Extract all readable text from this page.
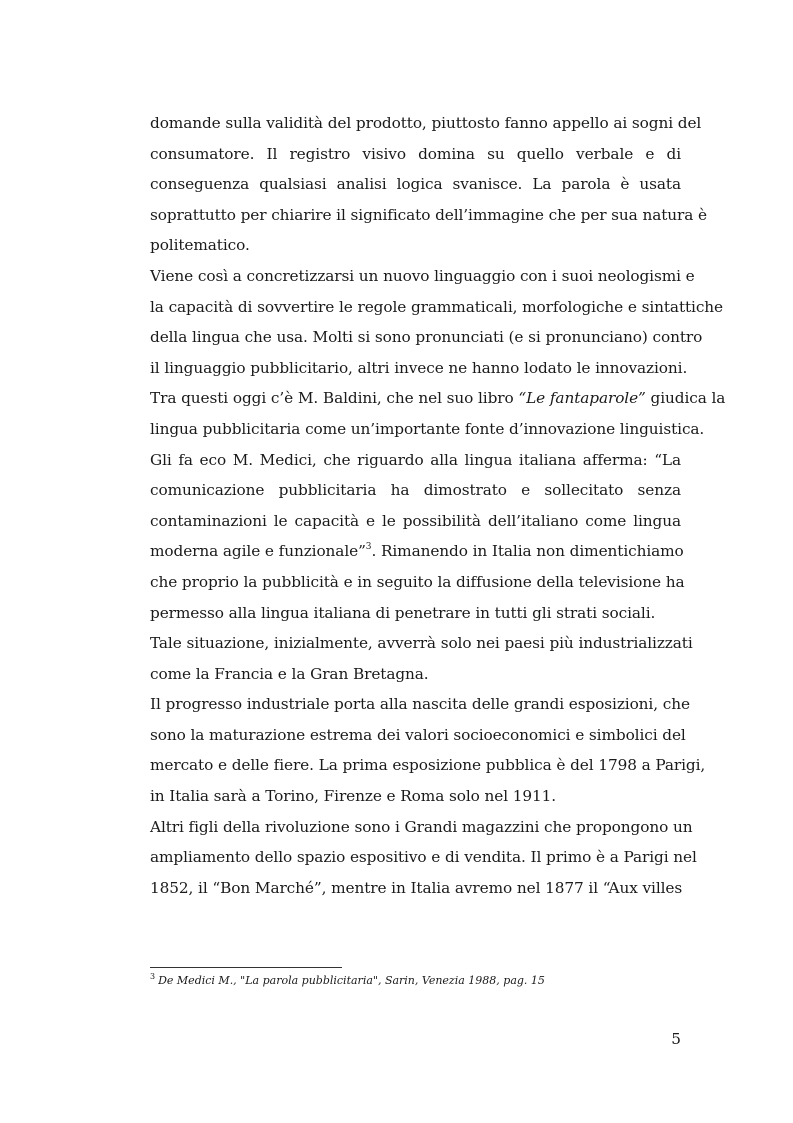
domande sulla validità del prodotto, piuttosto fanno appello ai sogni del
consumatore. Il registro visivo domina su quello verbale e di
conseguenza qualsiasi analisi logica svanisce. La parola è usata
soprattutto per chiarire il significato dell’immagine che per sua natura è
politematico.

Viene così a concretizzarsi un nuovo linguaggio con i suoi neologismi e
la capacità di sovvertire le regole grammaticali, morfologiche e sintattiche
della lingua che usa. Molti si sono pronunciati (e si pronunciano) contro
il linguaggio pubblicitario, altri invece ne hanno lodato le innovazioni.
Tra questi oggi c’è M. Baldini, che nel suo libro “Le fantaparole” giudica la
lingua pubblicitaria come un’importante fonte d’innovazione linguistica.
Gli fa eco M. Medici, che riguardo alla lingua italiana afferma: “La
comunicazione pubblicitaria ha dimostrato e sollecitato senza
contaminazioni le capacità e le possibilità dell’italiano come lingua
moderna agile e funzionale”$^3$. Rimanendo in Italia non dimentichiamo
che proprio la pubblicità e in seguito la diffusione della televisione ha
permesso alla lingua italiana di penetrare in tutti gli strati sociali.

Tale situazione, inizialmente, avverrà solo nei paesi più industrializzati
come la Francia e la Gran Bretagna.

Il progresso industriale porta alla nascita delle grandi esposizioni, che
sono la maturazione estrema dei valori socioeconomici e simbolici del
mercato e delle fiere. La prima esposizione pubblica è del 1798 a Parigi,
in Italia sarà a Torino, Firenze e Roma solo nel 1911.

Altri figli della rivoluzione sono i Grandi magazzini che propongono un
ampliamento dello spazio espositivo e di vendita. Il primo è a Parigi nel
1852, il “Bon Marché”, mentre in Italia avremo nel 1877 il “Aux villes

$^3$ De Medici M., "La parola pubblicitaria", Sarin, Venezia 1988, pag. 15
5
